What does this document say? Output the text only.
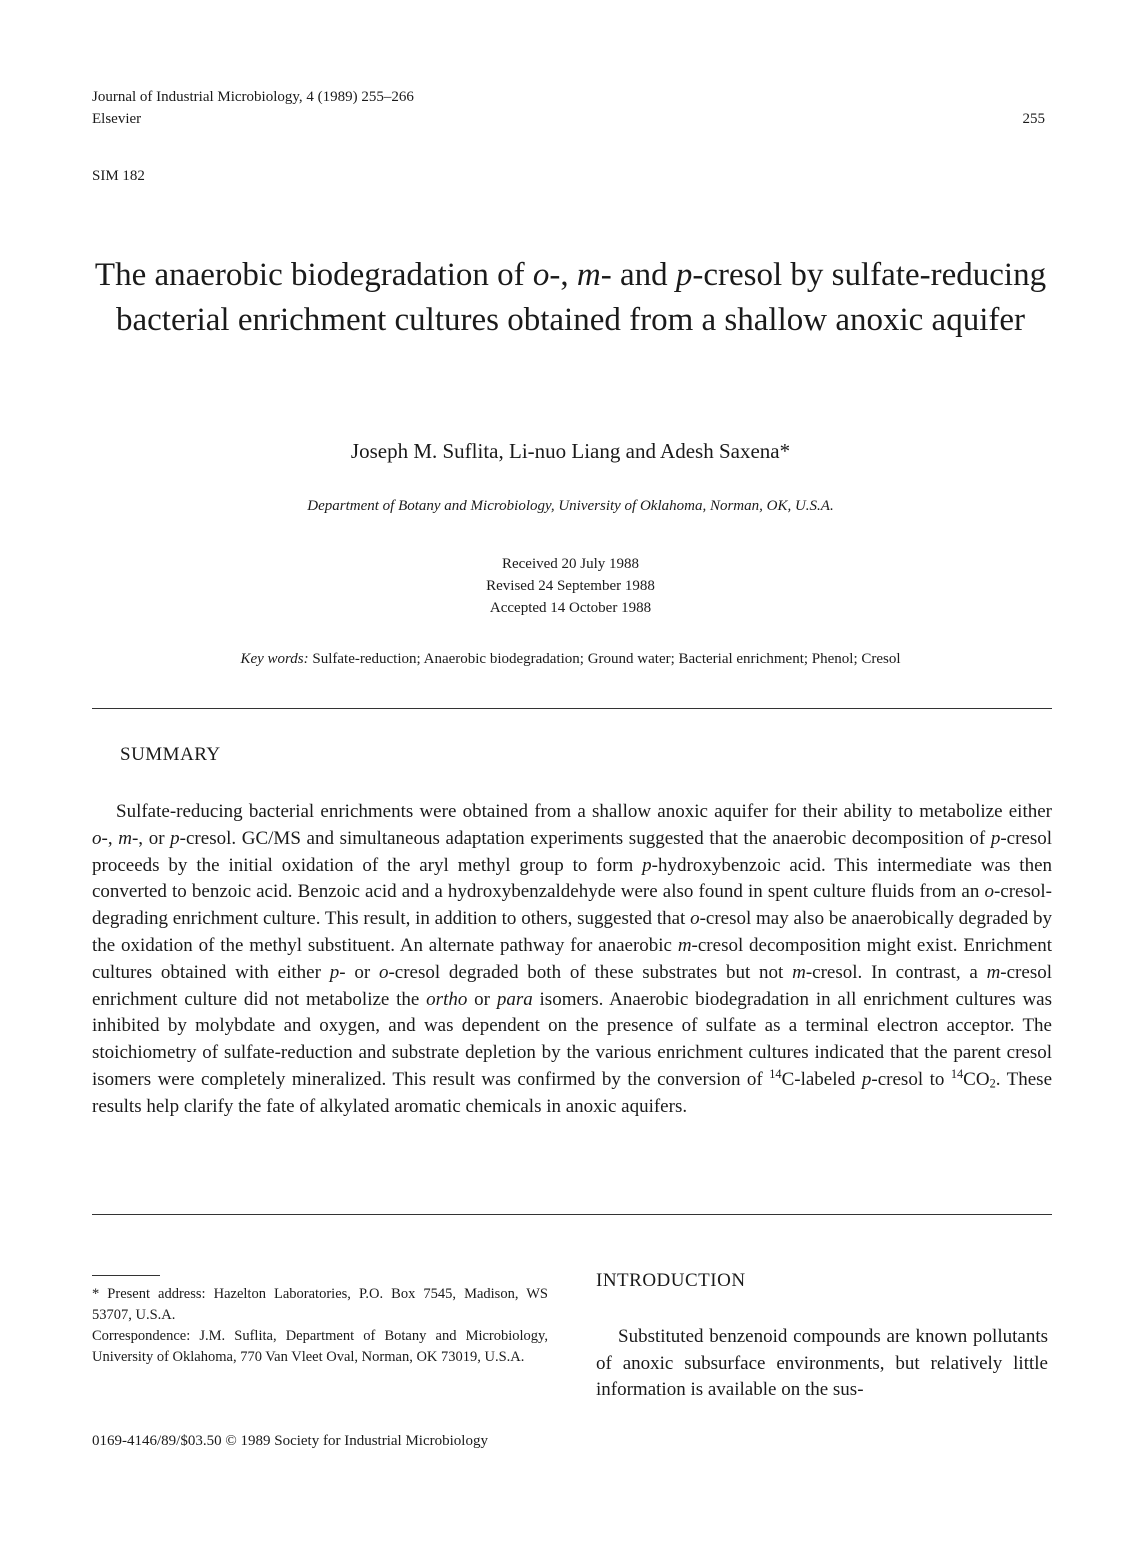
Journal of Industrial Microbiology, 4 (1989) 255–266
Elsevier	255
SIM 182
The anaerobic biodegradation of o-, m- and p-cresol by sulfate-reducing bacterial enrichment cultures obtained from a shallow anoxic aquifer
Joseph M. Suflita, Li-nuo Liang and Adesh Saxena*
Department of Botany and Microbiology, University of Oklahoma, Norman, OK, U.S.A.
Received 20 July 1988
Revised 24 September 1988
Accepted 14 October 1988
Key words: Sulfate-reduction; Anaerobic biodegradation; Ground water; Bacterial enrichment; Phenol; Cresol
SUMMARY

Sulfate-reducing bacterial enrichments were obtained from a shallow anoxic aquifer for their ability to metabolize either o-, m-, or p-cresol. GC/MS and simultaneous adaptation experiments suggested that the anaerobic decomposition of p-cresol proceeds by the initial oxidation of the aryl methyl group to form p-hydroxybenzoic acid. This intermediate was then converted to benzoic acid. Benzoic acid and a hydroxybenzaldehyde were also found in spent culture fluids from an o-cresol-degrading enrichment culture. This result, in addition to others, suggested that o-cresol may also be anaerobically degraded by the oxidation of the methyl substituent. An alternate pathway for anaerobic m-cresol decomposition might exist. Enrichment cultures obtained with either p- or o-cresol degraded both of these substrates but not m-cresol. In contrast, a m-cresol enrichment culture did not metabolize the ortho or para isomers. Anaerobic biodegradation in all enrichment cultures was inhibited by molybdate and oxygen, and was dependent on the presence of sulfate as a terminal electron acceptor. The stoichiometry of sulfate-reduction and substrate depletion by the various enrichment cultures indicated that the parent cresol isomers were completely mineralized. This result was confirmed by the conversion of $^{14}$C-labeled p-cresol to $^{14}CO_2$. These results help clarify the fate of alkylated aromatic chemicals in anoxic aquifers.

* Present address: Hazelton Laboratories, P.O. Box 7545, Madison, WS 53707, U.S.A.

Correspondence: J.M. Suflita, Department of Botany and Microbiology, University of Oklahoma, 770 Van Vleet Oval, Norman, OK 73019, U.S.A.

0169-4146/89/$03.50 © 1989 Society for Industrial Microbiology
INTRODUCTION

Substituted benzenoid compounds are known pollutants of anoxic subsurface environments, but relatively little information is available on the sus-
